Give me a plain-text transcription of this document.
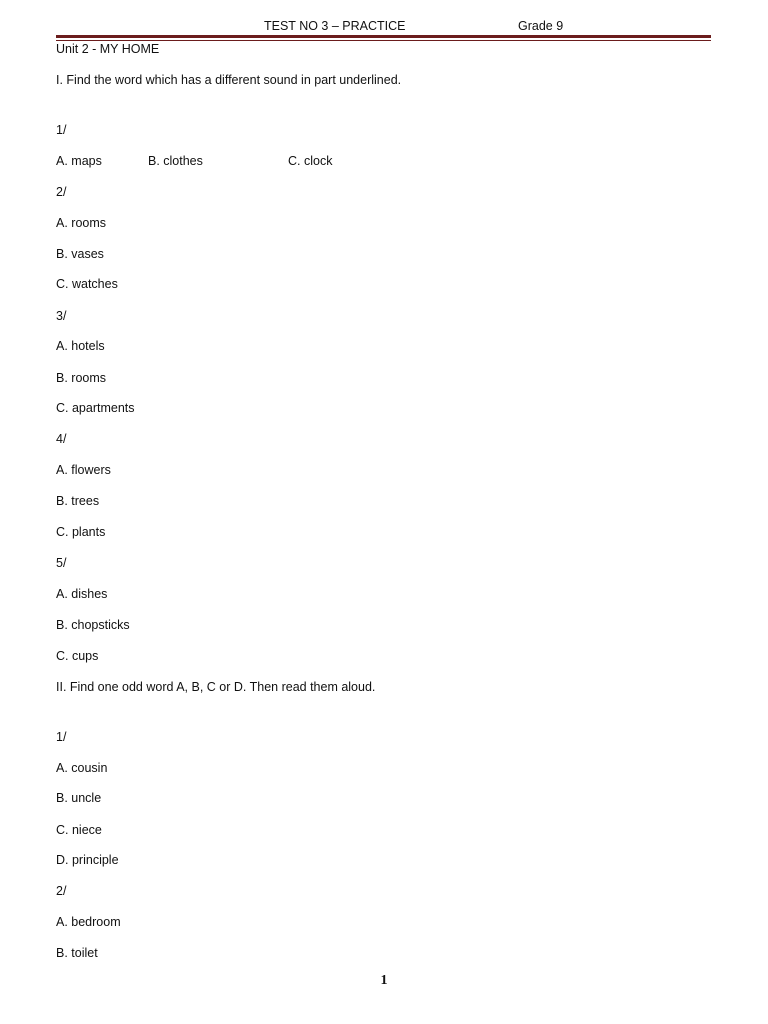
TEST NO 3 – PRACTICE	Grade 9
Unit 2 - MY HOME
I. Find the word which has a different sound in part underlined.
1/
A. maps	B. clothes	C. clock
2/
A. rooms
B. vases
C. watches
3/
A. hotels
B. rooms
C. apartments
4/
A. flowers
B. trees
C. plants
5/
A. dishes
B. chopsticks
C. cups
II. Find one odd word A, B, C or D. Then read them aloud.
1/
A. cousin
B. uncle
C. niece
D. principle
2/
A. bedroom
B. toilet
1
